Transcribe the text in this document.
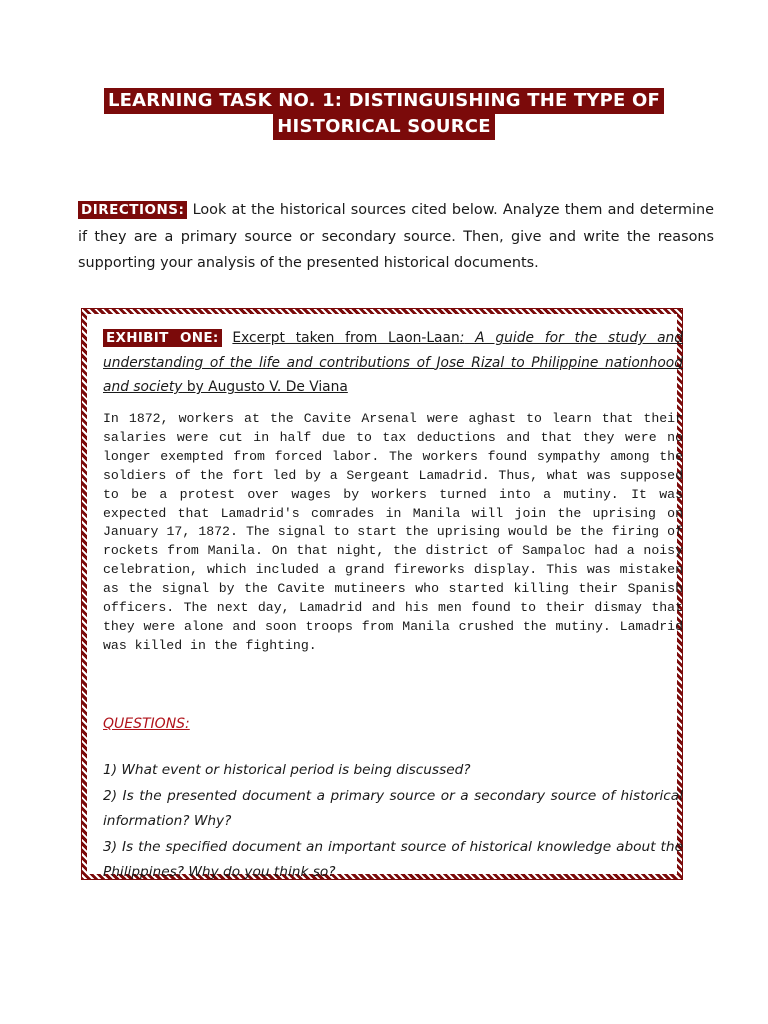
LEARNING TASK NO. 1: DISTINGUISHING THE TYPE OF
HISTORICAL SOURCE
DIRECTIONS: Look at the historical sources cited below. Analyze them and determine if they are a primary source or secondary source. Then, give and write the reasons supporting your analysis of the presented historical documents.
EXHIBIT ONE: Excerpt taken from Laon-Laan: A guide for the study and understanding of the life and contributions of Jose Rizal to Philippine nationhood and society by Augusto V. De Viana

In 1872, workers at the Cavite Arsenal were aghast to learn that their salaries were cut in half due to tax deductions and that they were no longer exempted from forced labor. The workers found sympathy among the soldiers of the fort led by a Sergeant Lamadrid. Thus, what was supposed to be a protest over wages by workers turned into a mutiny. It was expected that Lamadrid's comrades in Manila will join the uprising on January 17, 1872. The signal to start the uprising would be the firing of rockets from Manila. On that night, the district of Sampaloc had a noisy celebration, which included a grand fireworks display. This was mistaken as the signal by the Cavite mutineers who started killing their Spanish officers. The next day, Lamadrid and his men found to their dismay that they were alone and soon troops from Manila crushed the mutiny. Lamadrid was killed in the fighting.

QUESTIONS:
1) What event or historical period is being discussed?
2) Is the presented document a primary source or a secondary source of historical information? Why?
3) Is the specified document an important source of historical knowledge about the Philippines? Why do you think so?
